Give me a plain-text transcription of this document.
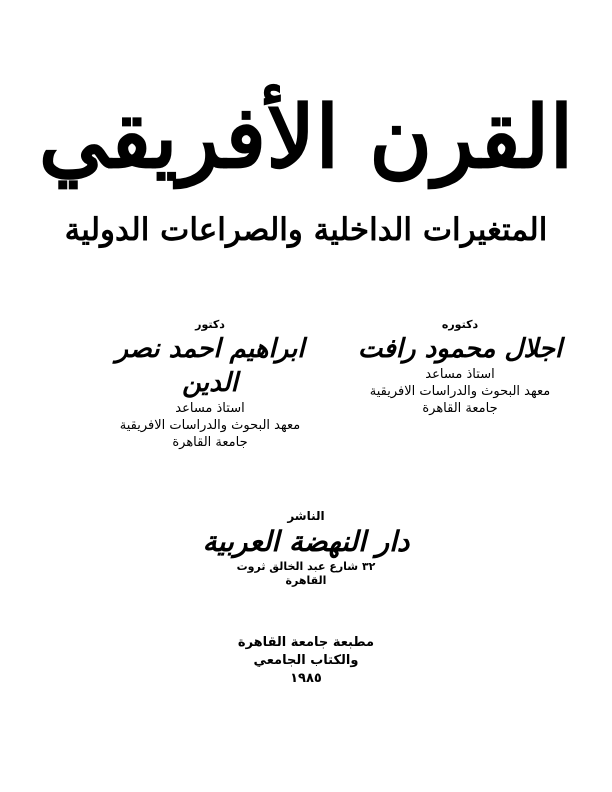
القرن الأفريقي
المتغيرات الداخلية والصراعات الدولية
دكتوره
اجلال محمود رافت
استاذ مساعد
معهد البحوث والدراسات الافريقية
جامعة القاهرة
دكتور
ابراهيم احمد نصر الدين
استاذ مساعد
معهد البحوث والدراسات الافريقية
جامعة القاهرة
الناشر
دار النهضة العربية
٣٢ شارع عبد الخالق ثروت
القاهرة
مطبعة جامعة القاهرة
والكتاب الجامعي
١٩٨٥
